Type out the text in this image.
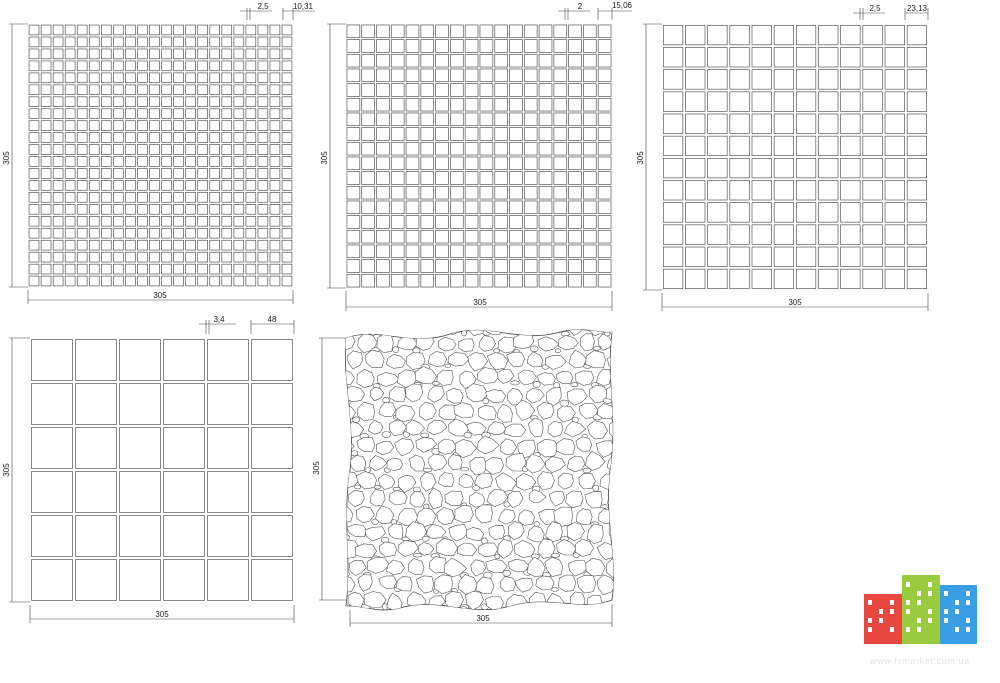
305
305
2,5	10,31
305
305
2	15,06
305
305
2,5	23,13
305
305
3,4	48
305
305
www.fxmarket.com.ua
